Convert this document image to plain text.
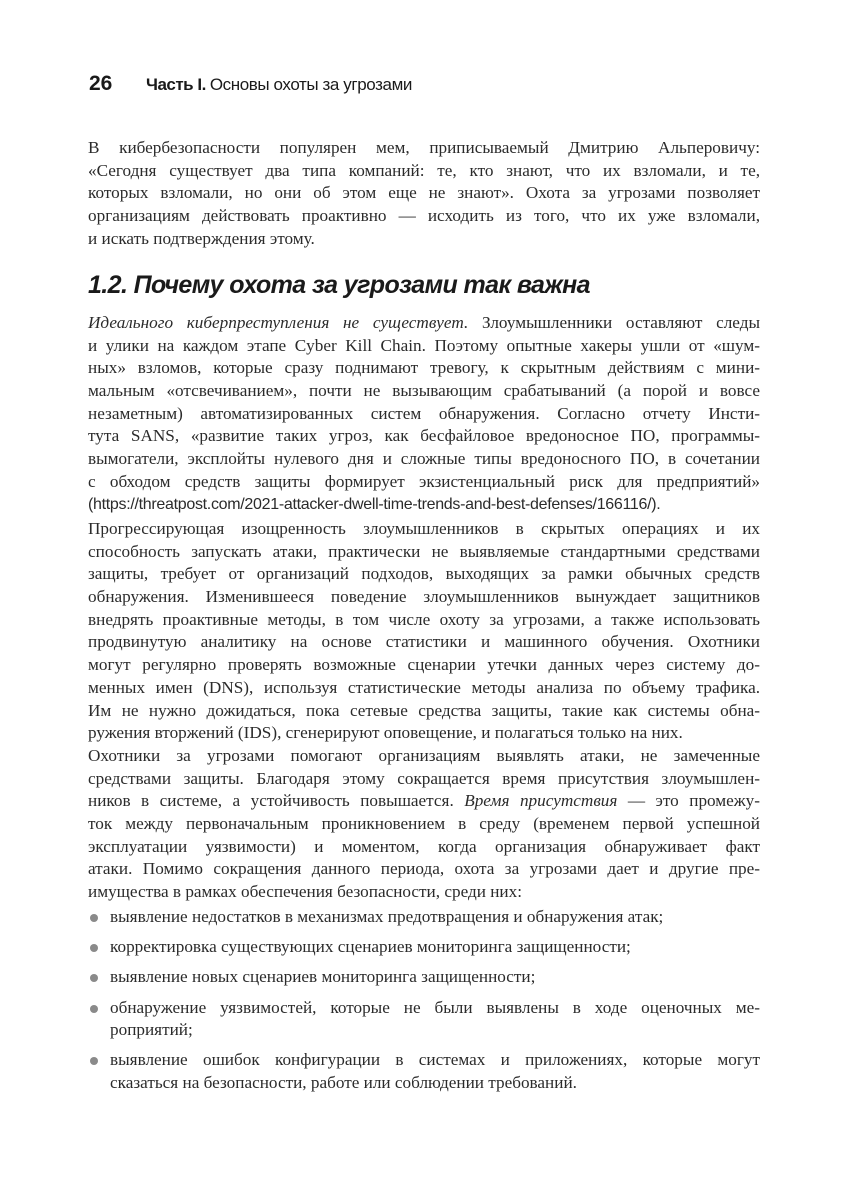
26 Часть I. Основы охоты за угрозами
В кибербезопасности популярен мем, приписываемый Дмитрию Альперовичу:
«Сегодня существует два типа компаний: те, кто знают, что их взломали, и те,
которых взломали, но они об этом еще не знают». Охота за угрозами позволяет
организациям действовать проактивно — исходить из того, что их уже взломали,
и искать подтверждения этому.
1.2. Почему охота за угрозами так важна
Идеального киберпреступления не существует. Злоумышленники оставляют следы
и улики на каждом этапе Cyber Kill Chain. Поэтому опытные хакеры ушли от «шум-
ных» взломов, которые сразу поднимают тревогу, к скрытным действиям с мини-
мальным «отсвечиванием», почти не вызывающим срабатываний (а порой и вовсе
незаметным) автоматизированных систем обнаружения. Согласно отчету Инсти-
тута SANS, «развитие таких угроз, как бесфайловое вредоносное ПО, программы-
вымогатели, эксплойты нулевого дня и сложные типы вредоносного ПО, в сочетании
с обходом средств защиты формирует экзистенциальный риск для предприятий»
(https://threatpost.com/2021-attacker-dwell-time-trends-and-best-defenses/166116/).
Прогрессирующая изощренность злоумышленников в скрытых операциях и их
способность запускать атаки, практически не выявляемые стандартными средствами
защиты, требует от организаций подходов, выходящих за рамки обычных средств
обнаружения. Изменившееся поведение злоумышленников вынуждает защитников
внедрять проактивные методы, в том числе охоту за угрозами, а также использовать
продвинутую аналитику на основе статистики и машинного обучения. Охотники
могут регулярно проверять возможные сценарии утечки данных через систему до-
менных имен (DNS), используя статистические методы анализа по объему трафика.
Им не нужно дожидаться, пока сетевые средства защиты, такие как системы обна-
ружения вторжений (IDS), сгенерируют оповещение, и полагаться только на них.
Охотники за угрозами помогают организациям выявлять атаки, не замеченные
средствами защиты. Благодаря этому сокращается время присутствия злоумышлен-
ников в системе, а устойчивость повышается. Время присутствия — это промежу-
ток между первоначальным проникновением в среду (временем первой успешной
эксплуатации уязвимости) и моментом, когда организация обнаруживает факт
атаки. Помимо сокращения данного периода, охота за угрозами дает и другие пре-
имущества в рамках обеспечения безопасности, среди них:
выявление недостатков в механизмах предотвращения и обнаружения атак;
корректировка существующих сценариев мониторинга защищенности;
выявление новых сценариев мониторинга защищенности;
обнаружение уязвимостей, которые не были выявлены в ходе оценочных ме-
роприятий;
выявление ошибок конфигурации в системах и приложениях, которые могут
сказаться на безопасности, работе или соблюдении требований.
